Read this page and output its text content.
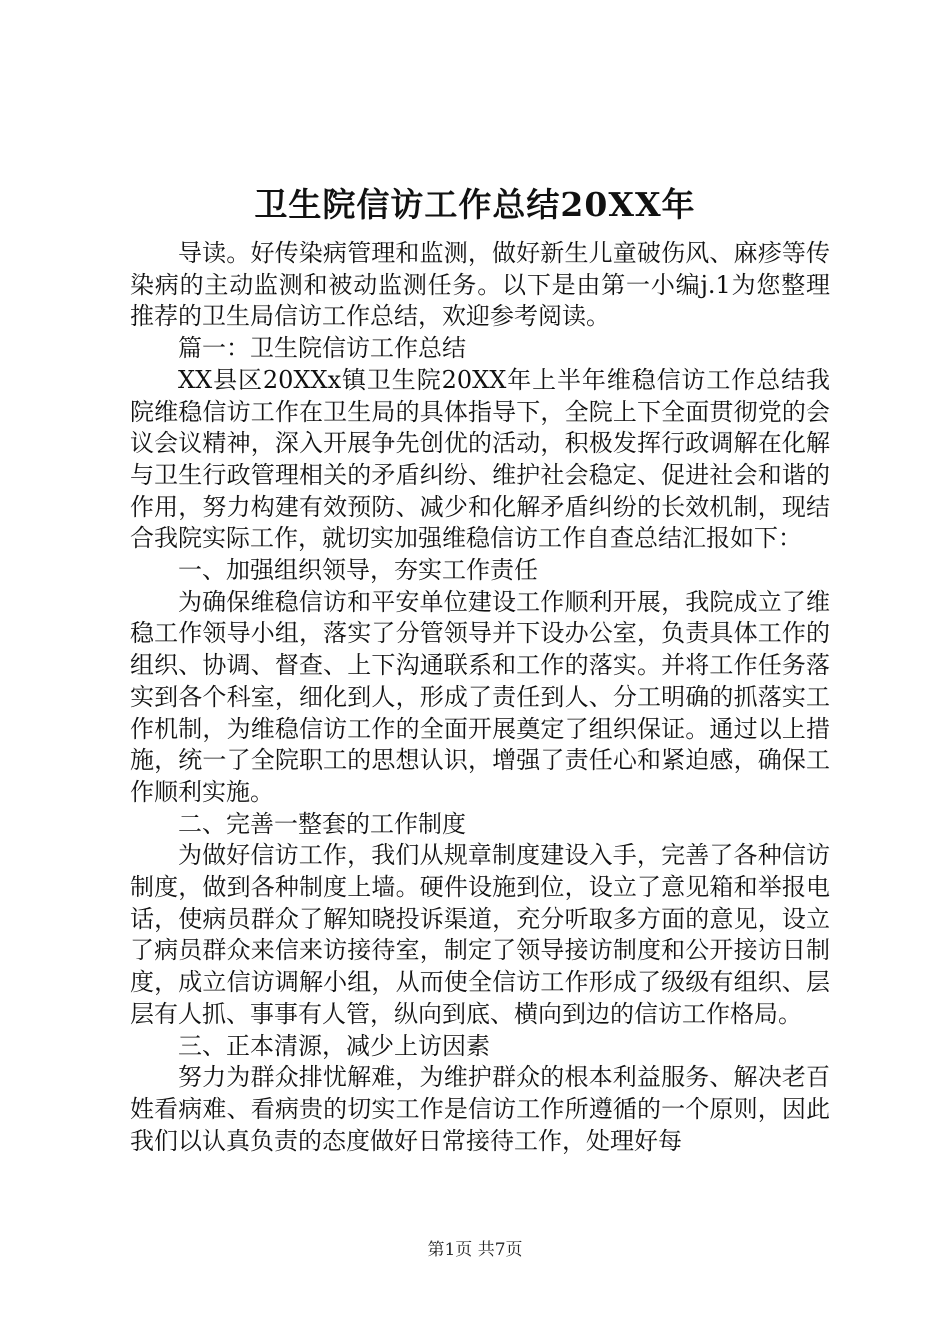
卫生院信访工作总结20XX年

导读。好传染病管理和监测，做好新生儿童破伤风、麻疹等传染病的主动监测和被动监测任务。以下是由第一小编j.1为您整理推荐的卫生局信访工作总结，欢迎参考阅读。

篇一：卫生院信访工作总结

XX县区20XXx镇卫生院20XX年上半年维稳信访工作总结我院维稳信访工作在卫生局的具体指导下，全院上下全面贯彻党的会议会议精神，深入开展争先创优的活动，积极发挥行政调解在化解与卫生行政管理相关的矛盾纠纷、维护社会稳定、促进社会和谐的作用，努力构建有效预防、减少和化解矛盾纠纷的长效机制，现结合我院实际工作，就切实加强维稳信访工作自查总结汇报如下：

一、加强组织领导，夯实工作责任

为确保维稳信访和平安单位建设工作顺利开展，我院成立了维稳工作领导小组，落实了分管领导并下设办公室，负责具体工作的组织、协调、督查、上下沟通联系和工作的落实。并将工作任务落实到各个科室，细化到人，形成了责任到人、分工明确的抓落实工作机制，为维稳信访工作的全面开展奠定了组织保证。通过以上措施，统一了全院职工的思想认识，增强了责任心和紧迫感，确保工作顺利实施。

二、完善一整套的工作制度

为做好信访工作，我们从规章制度建设入手，完善了各种信访制度，做到各种制度上墙。硬件设施到位，设立了意见箱和举报电话，使病员群众了解知晓投诉渠道，充分听取多方面的意见，设立了病员群众来信来访接待室，制定了领导接访制度和公开接访日制度，成立信访调解小组，从而使全信访工作形成了级级有组织、层层有人抓、事事有人管，纵向到底、横向到边的信访工作格局。

三、正本清源，减少上访因素

努力为群众排忧解难，为维护群众的根本利益服务、解决老百姓看病难、看病贵的切实工作是信访工作所遵循的一个原则，因此我们以认真负责的态度做好日常接待工作，处理好每

第1页 共7页
